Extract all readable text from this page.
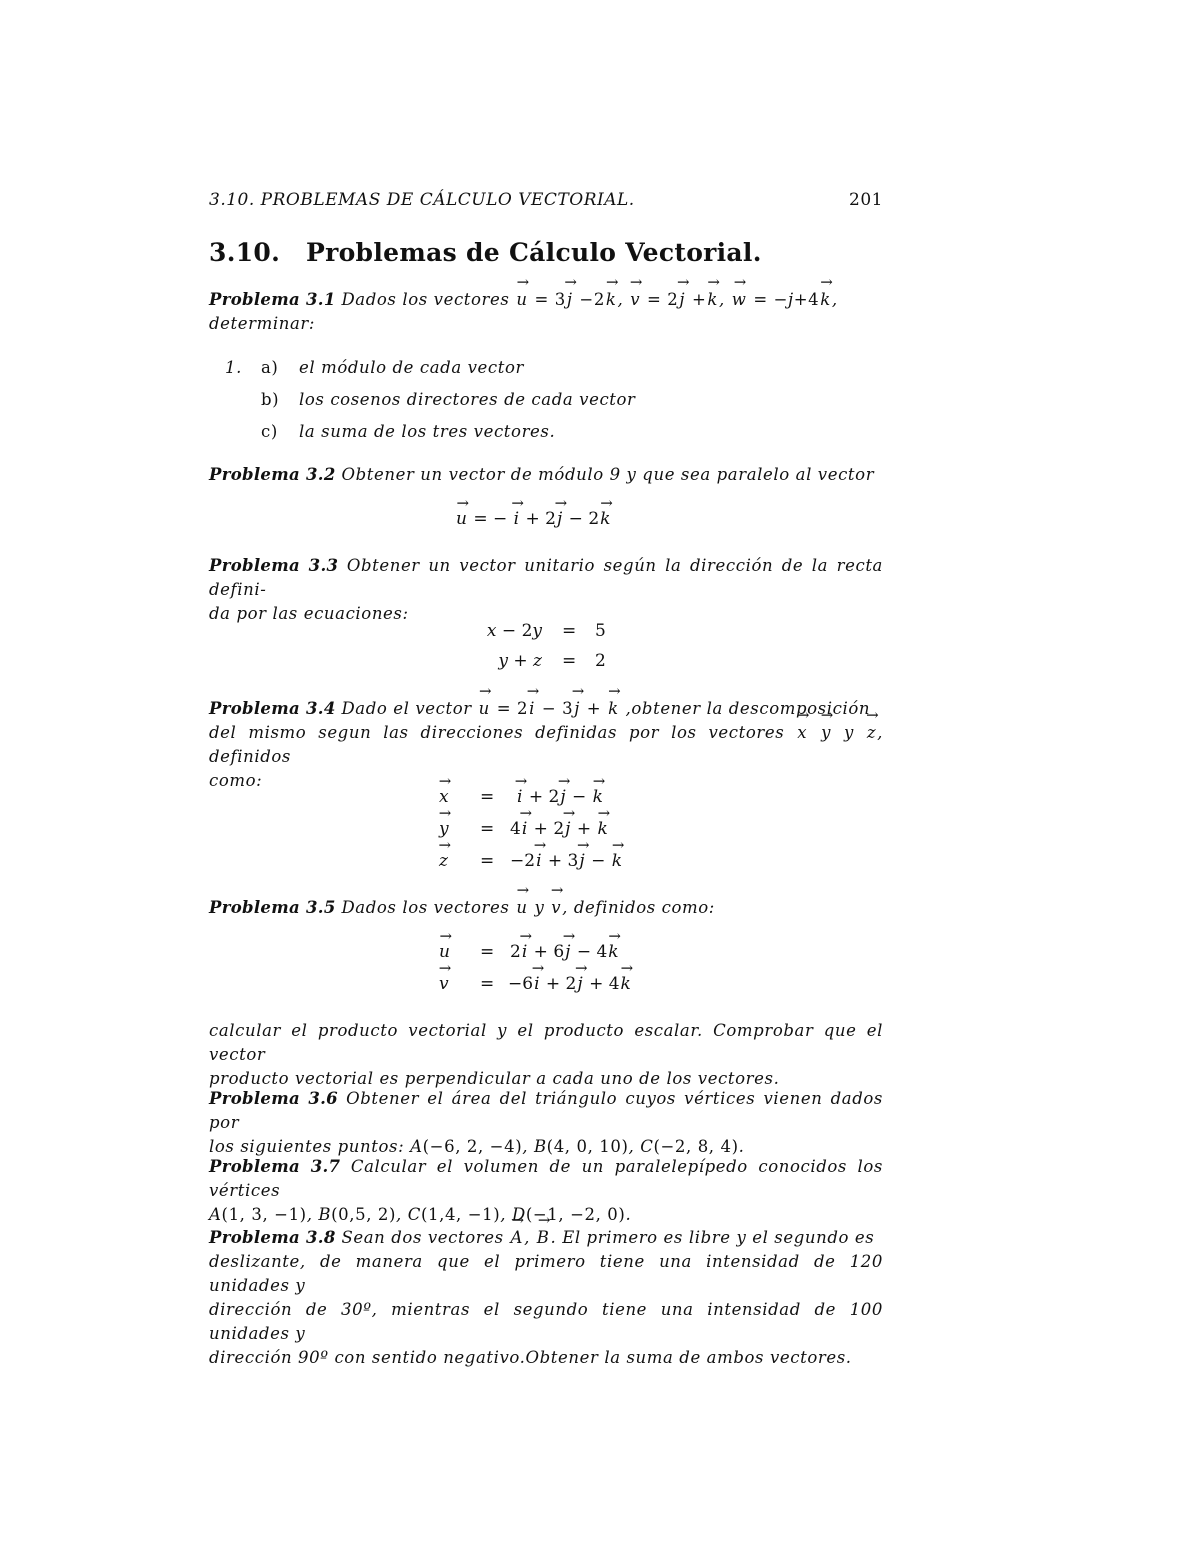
3.10. PROBLEMAS DE CÁLCULO VECTORIAL.	201
3.10. Problemas de Cálculo Vectorial.
Problema 3.1 Dados los vectores → u = 3→ j −2→ k, → v = 2→ j +→ k, → w = −j+4→ k,
determinar:
1.	a) el módulo de cada vector
b) los cosenos directores de cada vector
c) la suma de los tres vectores.
Problema 3.2 Obtener un vector de módulo 9 y que sea paralelo al vector
→ u = − → i + 2→ j − 2→ k
Problema 3.3 Obtener un vector unitario según la dirección de la recta defini-
da por las ecuaciones:
x − 2y = 5
y + z = 2
Problema 3.4 Dado el vector → u = 2→ i − 3→ j + → k ,obtener la descomposición
del mismo segun las direcciones definidas por los vectores → x → y y → z, definidos
como:
→ x = → i + 2→ j − → k
→ y = 4→ i + 2→ j + → k
→ z = −2→ i + 3→ j − → k
Problema 3.5 Dados los vectores → u y → v, definidos como:
→ u = 2→ i + 6→ j − 4→ k
→ v = −6→ i + 2→ j + 4→ k
calcular el producto vectorial y el producto escalar. Comprobar que el vector
producto vectorial es perpendicular a cada uno de los vectores.
Problema 3.6 Obtener el área del triángulo cuyos vértices vienen dados por
los siguientes puntos: A(−6, 2, −4), B(4, 0, 10), C(−2, 8, 4).
Problema 3.7 Calcular el volumen de un paralelepípedo conocidos los vértices
A(1, 3, −1), B(0,5, 2), C(1,4, −1), D(−1, −2, 0).
Problema 3.8 Sean dos vectores → A, → B. El primero es libre y el segundo es
deslizante, de manera que el primero tiene una intensidad de 120 unidades y
dirección de 30º, mientras el segundo tiene una intensidad de 100 unidades y
dirección 90º con sentido negativo.Obtener la suma de ambos vectores.
